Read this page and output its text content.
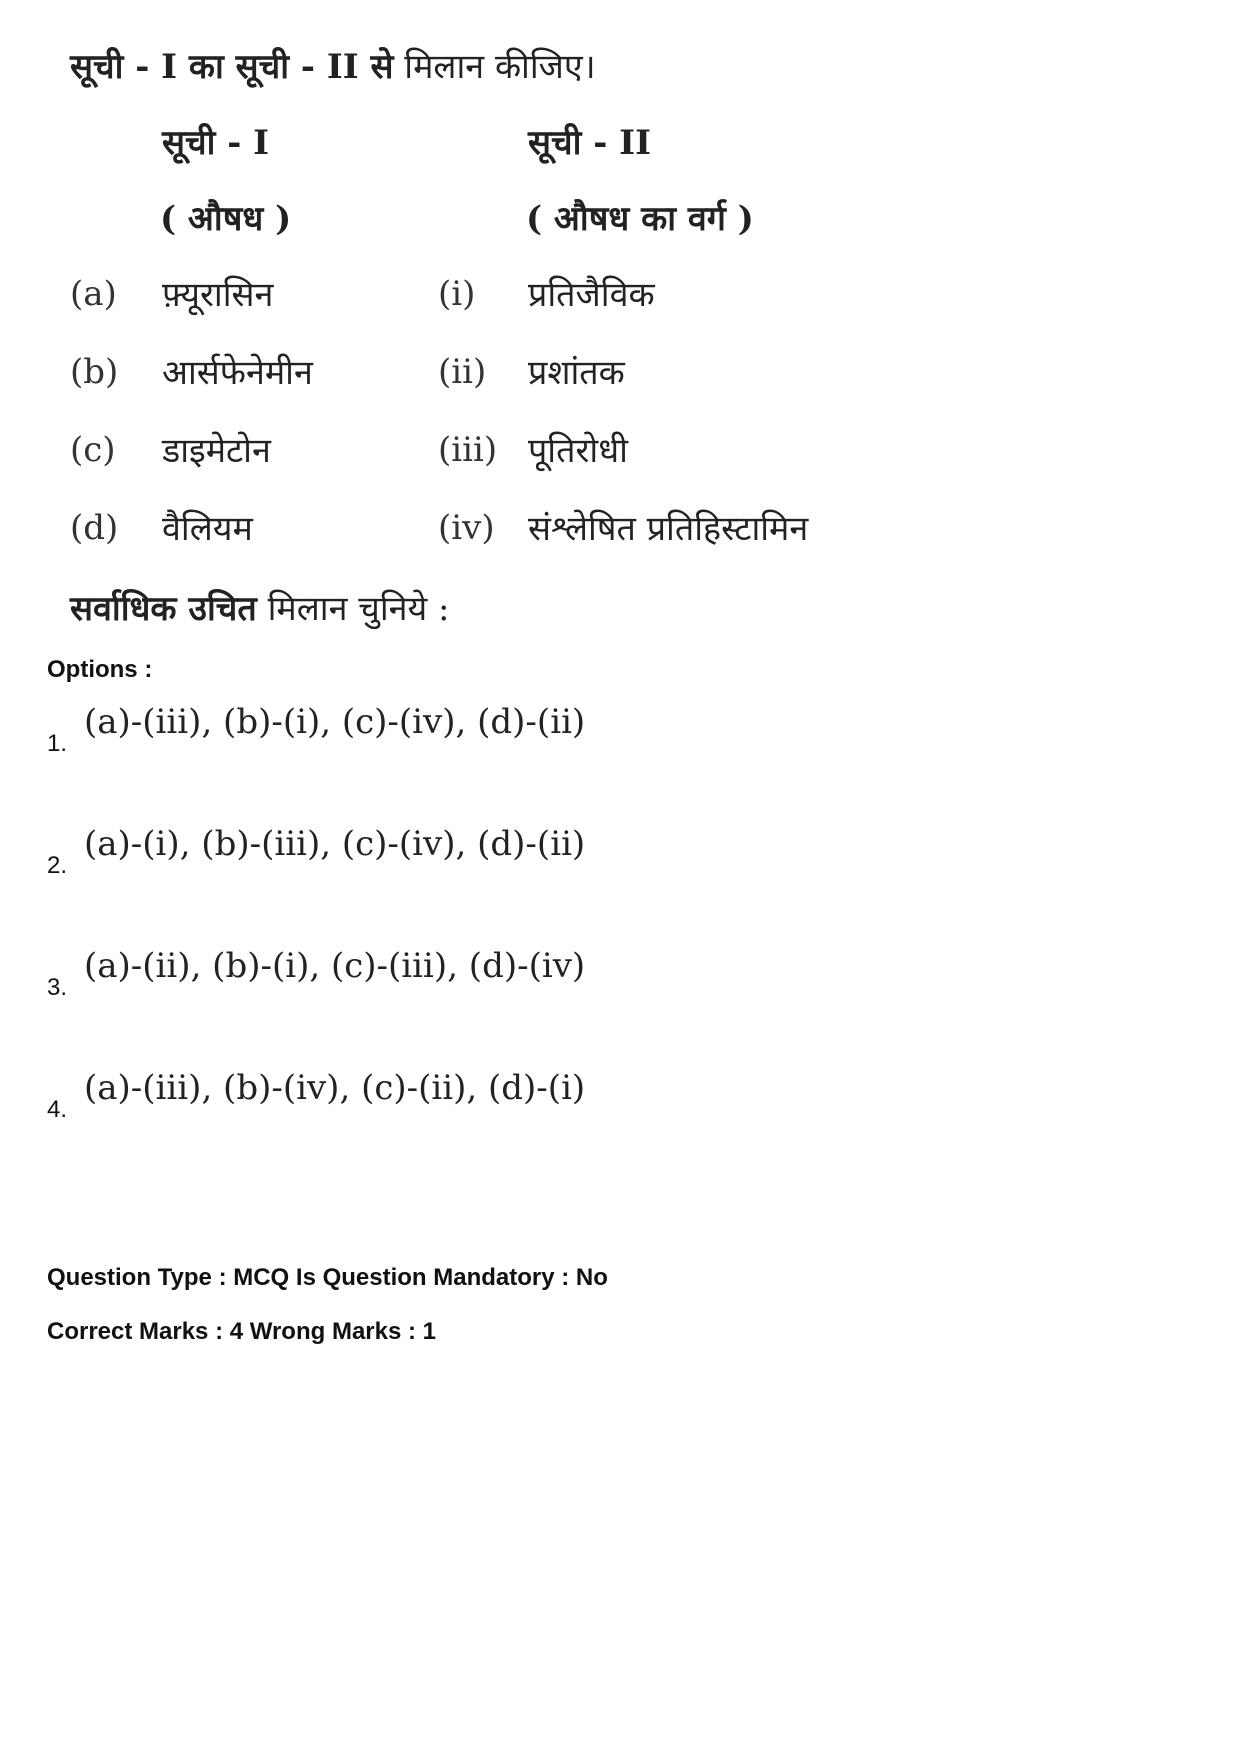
सूची - I का सूची - II से मिलान कीजिए।
सूची - I	सूची - II
( औषध )	( औषध का वर्ग )
(a) फ़्यूरासिन	(i) प्रतिजैविक
(b) आर्सफेनेमीन	(ii) प्रशांतक
(c) डाइमेटोन	(iii) पूतिरोधी
(d) वैलियम	(iv) संश्लेषित प्रतिहिस्टामिन
सर्वाधिक उचित मिलान चुनिये :
Options :
1.
(a)-(iii), (b)-(i), (c)-(iv), (d)-(ii)
2.
(a)-(i), (b)-(iii), (c)-(iv), (d)-(ii)
3.
(a)-(ii), (b)-(i), (c)-(iii), (d)-(iv)
4.
(a)-(iii), (b)-(iv), (c)-(ii), (d)-(i)
Question Type : MCQ Is Question Mandatory : No
Correct Marks : 4 Wrong Marks : 1
